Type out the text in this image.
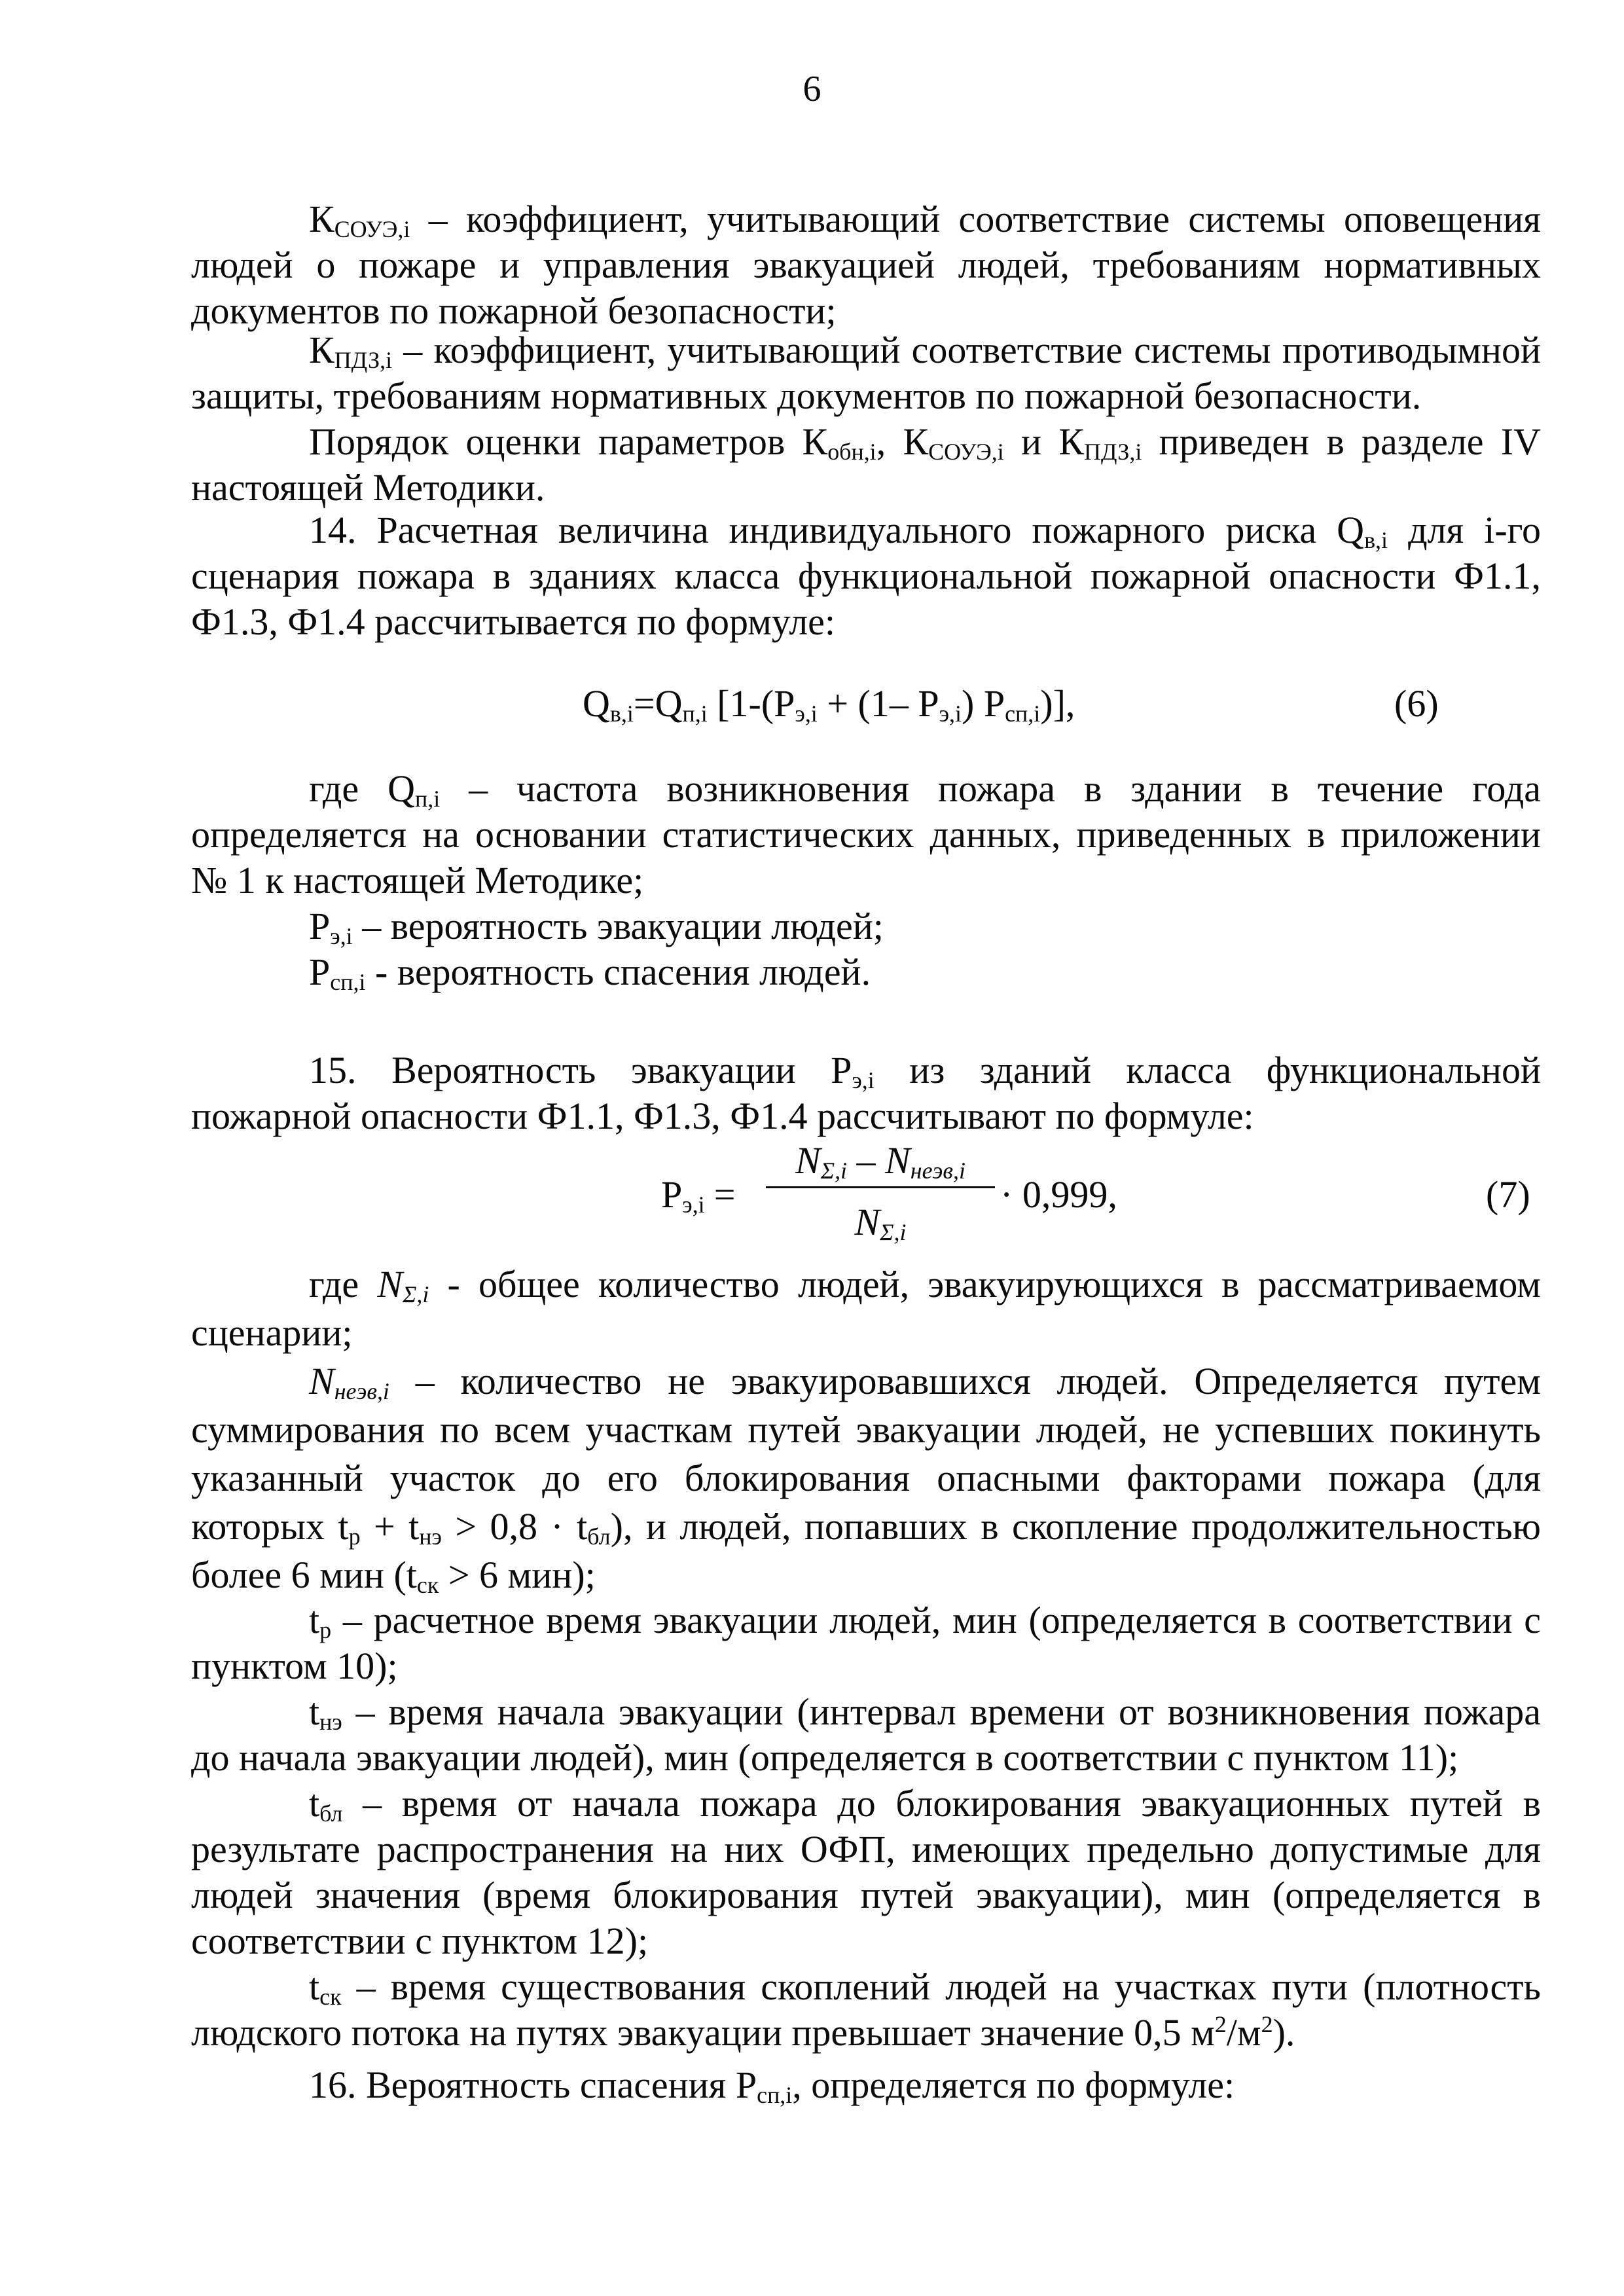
6
$К_{СОУЭ,i}$ – коэффициент, учитывающий соответствие системы оповещения
людей о пожаре и управления эвакуацией людей, требованиям нормативных
документов по пожарной безопасности;
$К_{ПДЗ,i}$ – коэффициент, учитывающий соответствие системы противодымной
защиты, требованиям нормативных документов по пожарной безопасности.
Порядок оценки параметров $К_{обн,i}$, $К_{СОУЭ,i}$ и $К_{ПДЗ,i}$ приведен в разделе IV
настоящей Методики.
14. Расчетная величина индивидуального пожарного риска $Q_{в,i}$ для i-го
сценария пожара в зданиях класса функциональной пожарной опасности Ф1.1,
Ф1.3, Ф1.4 рассчитывается по формуле:
$Q_{в,i}=Q_{п,i}$ [$1-(P_{э,i} + (1-$ $P_{э,i}$) $P_{сп,i}$)],	(6)
где $Q_{п,i}$ – частота возникновения пожара в здании в течение года
определяется на основании статистических данных, приведенных в приложении
№ 1 к настоящей Методике;
$P_{э,i}$ – вероятность эвакуации людей;
$P_{сп,i}$ - вероятность спасения людей.
15. Вероятность эвакуации $Р_{э,i}$ из зданий класса функциональной
пожарной опасности Ф1.1, Ф1.3, Ф1.4 рассчитывают по формуле:
$Р_{э,i}$ =
$N_{\Sigma,i} - N_{неэв,i}$
$N_{\Sigma,i}$
· 0,999,	(7)
где $N_{\Sigma,i}$ - общее количество людей, эвакуирующихся в рассматриваемом
сценарии;
$N_{неэв,i}$ – количество не эвакуировавшихся людей. Определяется путем
суммирования по всем участкам путей эвакуации людей, не успевших покинуть
указанный участок до его блокирования опасными факторами пожара (для
которых $t_р + t_{нэ} > 0,8 \cdot t_{бл}$), и людей, попавших в скопление продолжительностью
более 6 мин ($t_{ск} > 6$ мин);
$t_р$ – расчетное время эвакуации людей, мин (определяется в соответствии с
пунктом 10);
$t_{нэ}$ – время начала эвакуации (интервал времени от возникновения пожара
до начала эвакуации людей), мин (определяется в соответствии с пунктом 11);
$t_{бл}$ – время от начала пожара до блокирования эвакуационных путей в
результате распространения на них ОФП, имеющих предельно допустимые для
людей значения (время блокирования путей эвакуации), мин (определяется в
соответствии с пунктом 12);
$t_{ск}$ – время существования скоплений людей на участках пути (плотность
людского потока на путях эвакуации превышает значение 0,5 $м^2/м^2$).
16. Вероятность спасения $Р_{сп,i}$, определяется по формуле:
